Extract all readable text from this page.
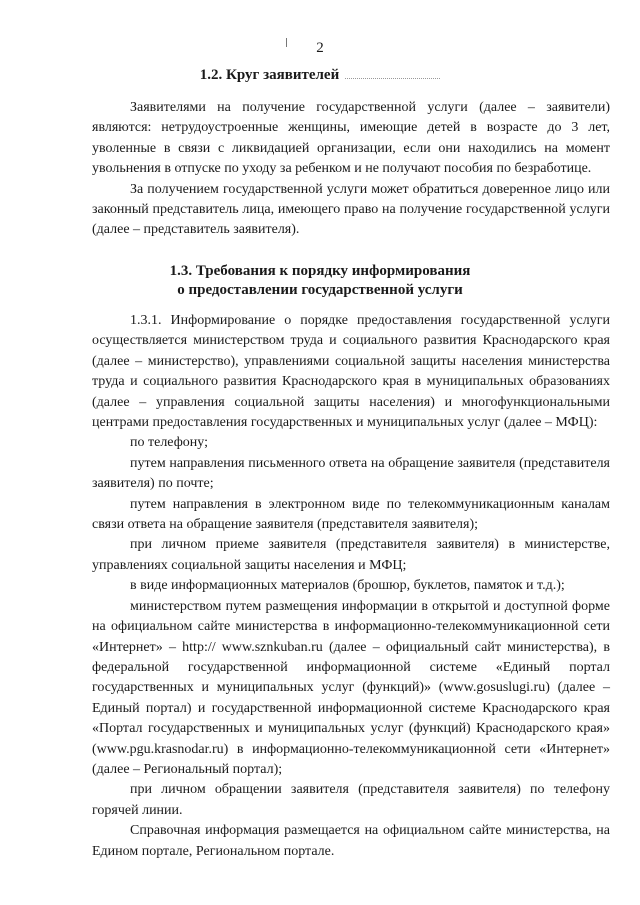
2
1.2. Круг заявителей

Заявителями на получение государственной услуги (далее – заявители) являются: нетрудоустроенные женщины, имеющие детей в возрасте до 3 лет, уволенные в связи с ликвидацией организации, если они находились на момент увольнения в отпуске по уходу за ребенком и не получают пособия по безработице.

За получением государственной услуги может обратиться доверенное лицо или законный представитель лица, имеющего право на получение государственной услуги (далее – представитель заявителя).

1.3. Требования к порядку информирования
о предоставлении государственной услуги

1.3.1. Информирование о порядке предоставления государственной услуги осуществляется министерством труда и социального развития Краснодарского края (далее – министерство), управлениями социальной защиты населения министерства труда и социального развития Краснодарского края в муниципальных образованиях (далее – управления социальной защиты населения) и многофункциональными центрами предоставления государственных и муниципальных услуг (далее – МФЦ):

по телефону;

путем направления письменного ответа на обращение заявителя (представителя заявителя) по почте;

путем направления в электронном виде по телекоммуникационным каналам связи ответа на обращение заявителя (представителя заявителя);

при личном приеме заявителя (представителя заявителя) в министерстве, управлениях социальной защиты населения и МФЦ;

в виде информационных материалов (брошюр, буклетов, памяток и т.д.);

министерством путем размещения информации в открытой и доступной форме на официальном сайте министерства в информационно-телекоммуникационной сети «Интернет» – http:// www.sznkuban.ru (далее – официальный сайт министерства), в федеральной государственной информационной системе «Единый портал государственных и муниципальных услуг (функций)» (www.gosuslugi.ru) (далее – Единый портал) и государственной информационной системе Краснодарского края «Портал государственных и муниципальных услуг (функций) Краснодарского края» (www.pgu.krasnodar.ru) в информационно-телекоммуникационной сети «Интернет» (далее – Региональный портал);

при личном обращении заявителя (представителя заявителя) по телефону горячей линии.

Справочная информация размещается на официальном сайте министерства, на Едином портале, Региональном портале.
